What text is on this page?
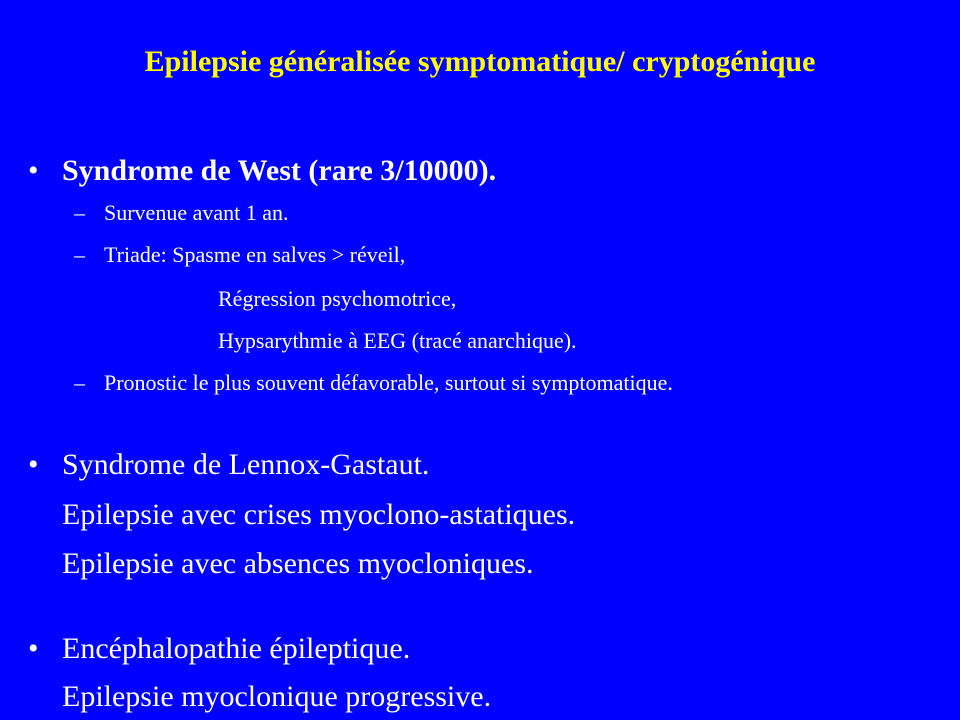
Epilepsie généralisée symptomatique/ cryptogénique
• Syndrome de West (rare 3/10000).
– Survenue avant 1 an.
– Triade: Spasme en salves > réveil,
Régression psychomotrice,
Hypsarythmie à EEG (tracé anarchique).
– Pronostic le plus souvent défavorable, surtout si symptomatique.
• Syndrome de Lennox-Gastaut.
Epilepsie avec crises myoclono-astatiques.
Epilepsie avec absences myocloniques.
• Encéphalopathie épileptique.
Epilepsie myoclonique progressive.
